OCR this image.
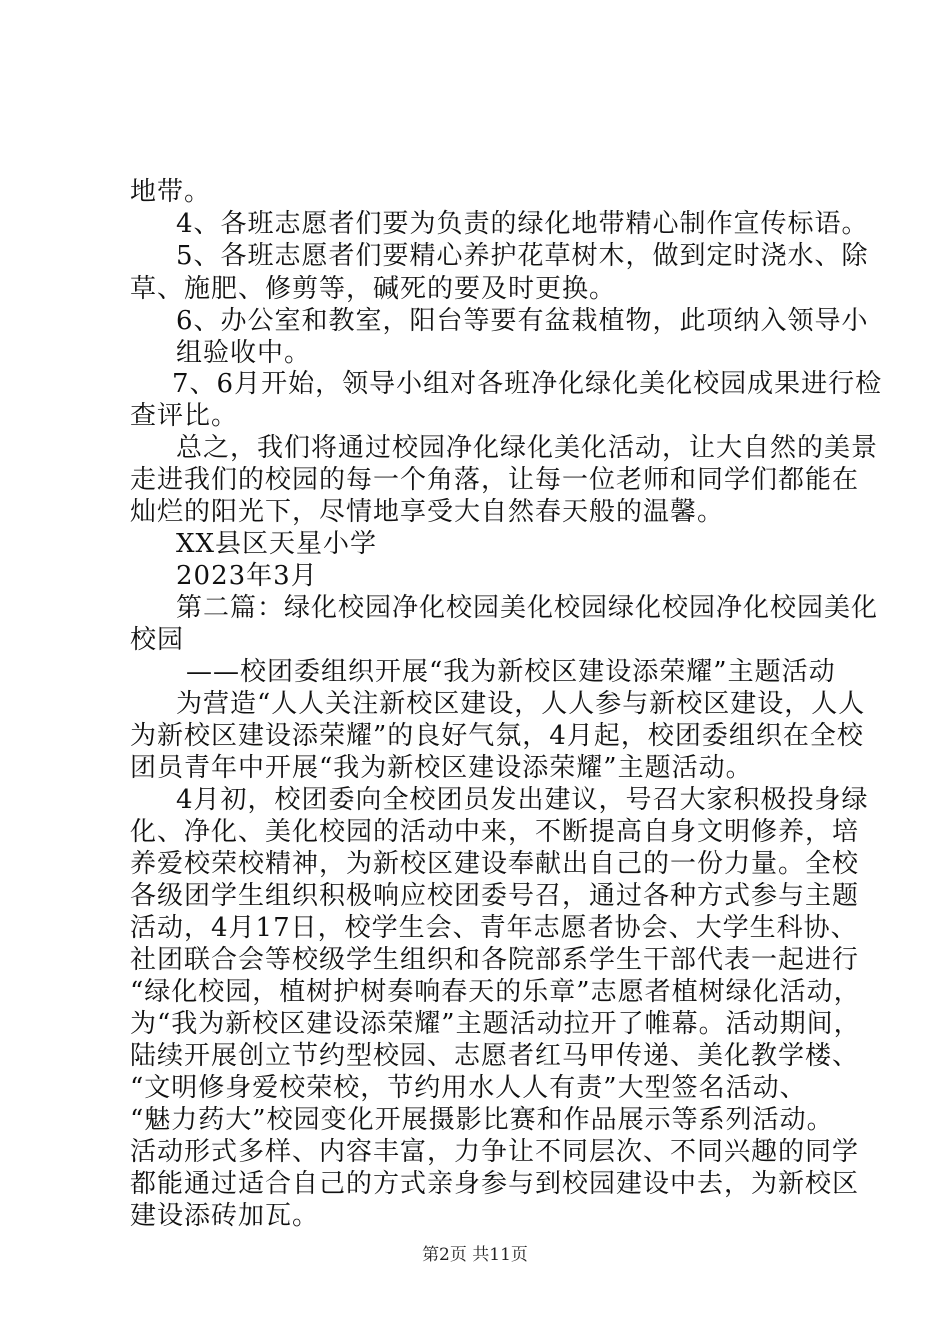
地带。
4、各班志愿者们要为负责的绿化地带精心制作宣传标语。
5、各班志愿者们要精心养护花草树木，做到定时浇水、除
草、施肥、修剪等，碱死的要及时更换。
6、办公室和教室，阳台等要有盆栽植物，此项纳入领导小
组验收中。
7、6月开始，领导小组对各班净化绿化美化校园成果进行检
查评比。
总之，我们将通过校园净化绿化美化活动，让大自然的美景
走进我们的校园的每一个角落，让每一位老师和同学们都能在
灿烂的阳光下，尽情地享受大自然春天般的温馨。
XX县区天星小学
2023年3月
第二篇：绿化校园净化校园美化校园绿化校园净化校园美化
校园
——校团委组织开展“我为新校区建设添荣耀”主题活动
为营造“人人关注新校区建设，人人参与新校区建设，人人
为新校区建设添荣耀”的良好气氛，4月起，校团委组织在全校
团员青年中开展“我为新校区建设添荣耀”主题活动。
4月初，校团委向全校团员发出建议，号召大家积极投身绿
化、净化、美化校园的活动中来，不断提高自身文明修养，培
养爱校荣校精神，为新校区建设奉献出自己的一份力量。全校
各级团学生组织积极响应校团委号召，通过各种方式参与主题
活动，4月17日，校学生会、青年志愿者协会、大学生科协、
社团联合会等校级学生组织和各院部系学生干部代表一起进行
“绿化校园，植树护树奏响春天的乐章”志愿者植树绿化活动，
为“我为新校区建设添荣耀”主题活动拉开了帷幕。活动期间，
陆续开展创立节约型校园、志愿者红马甲传递、美化教学楼、
“文明修身爱校荣校，节约用水人人有责”大型签名活动、
“魅力药大”校园变化开展摄影比赛和作品展示等系列活动。
活动形式多样、内容丰富，力争让不同层次、不同兴趣的同学
都能通过适合自己的方式亲身参与到校园建设中去，为新校区
建设添砖加瓦。
第2页 共11页
